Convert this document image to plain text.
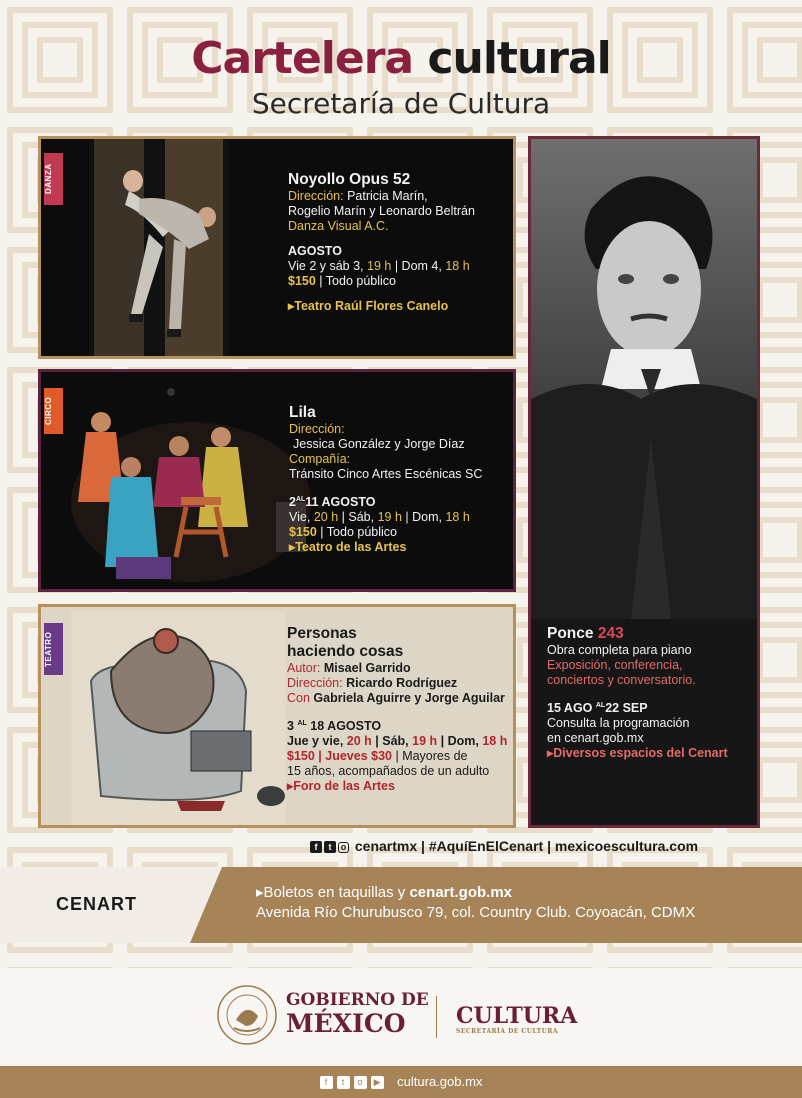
Cartelera cultural
Secretaría de Cultura
DANZA	Noyollo Opus 52
Dirección: Patricia Marín,
Rogelio Marín y Leonardo Beltrán
Danza Visual A.C.
AGOSTO
Vie 2 y sáb 3, 19 h | Dom 4, 18 h
$150 | Todo público
▸Teatro Raúl Flores Canelo
CIRCO	Lila
Dirección:
Jessica González y Jorge Díaz
Compañía:
Tránsito Cinco Artes Escénicas SC
$2^{AL}11$ AGOSTO
Vie, 20 h | Sáb, 19 h | Dom, 18 h
$150 | Todo público
▸Teatro de las Artes
TEATRO	Personas
haciendo cosas
Autor: Misael Garrido
Dirección: Ricardo Rodríguez
Con Gabriela Aguirre y Jorge Aguilar
3 $^{AL}$ 18 AGOSTO
Jue y vie, 20 h | Sáb, 19 h | Dom, 18 h
$150 | Jueves $30 | Mayores de
15 años, acompañados de un adulto
▸Foro de las Artes
Ponce 243
Obra completa para piano
Exposición, conferencia,
conciertos y conversatorio.
15 AGO $^{AL}$22 SEP
Consulta la programación
en cenart.gob.mx
▸Diversos espacios del Cenart
f t o cenartmx | #AquíEnElCenart | mexicoescultura.com
CENART
▸Boletos en taquillas y cenart.gob.mx
Avenida Río Churubusco 79, col. Country Club. Coyoacán, CDMX
GOBIERNO DE
MÉXICO	CULTURA
SECRETARÍA DE CULTURA
f t o ▶ cultura.gob.mx
